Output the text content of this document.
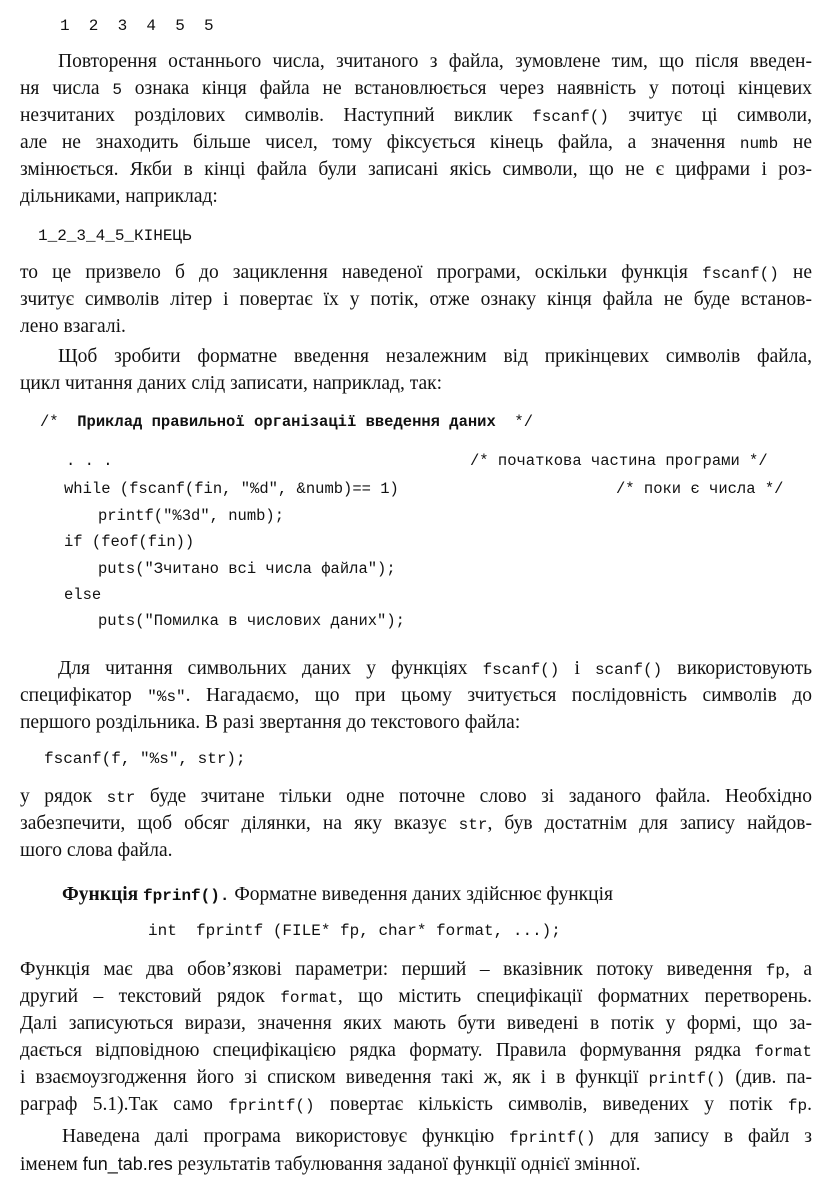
1  2  3  4  5  5
Повторення останнього числа, зчитаного з файла, зумовлене тим, що після введен-
ня числа 5 ознака кінця файла не встановлюється через наявність у потоці кінцевих
незчитаних розділових символів. Наступний виклик fscanf() зчитує ці символи,
але не знаходить більше чисел, тому фіксується кінець файла, а значення numb не
змінюється. Якби в кінці файла були записані якісь символи, що не є цифрами і роз-
дільниками, наприклад:
1_2_3_4_5_КІНЕЦЬ
то це призвело б до зациклення наведеної програми, оскільки функція fscanf() не
зчитує символів літер і повертає їх у потік, отже ознаку кінця файла не буде встанов-
лено взагалі.
Щоб зробити форматне введення незалежним від прикінцевих символів файла,
цикл читання даних слід записати, наприклад, так:
/*  Приклад правильної організації введення даних  */
. . .	/* початкова частина програми */
while (fscanf(fin, "%d", &numb)== 1)	/* поки є числа */
printf("%3d", numb);
if (feof(fin))
puts("Зчитано всі числа файла");
else
puts("Помилка в числових даних");
Для читання символьних даних у функціях fscanf() і scanf() використовують
специфікатор "%s". Нагадаємо, що при цьому зчитується послідовність символів до
першого роздільника. В разі звертання до текстового файла:
fscanf(f, "%s", str);
у рядок str буде зчитане тільки одне поточне слово зі заданого файла. Необхідно
забезпечити, щоб обсяг ділянки, на яку вказує str, був достатнім для запису найдов-
шого слова файла.
Функція fprinf(). Форматне виведення даних здійснює функція
int  fprintf (FILE* fp, char* format, ...);
Функція має два обов’язкові параметри: перший – вказівник потоку виведення fp, а
другий – текстовий рядок format, що містить специфікації форматних перетворень.
Далі записуються вирази, значення яких мають бути виведені в потік у формі, що за-
дається відповідною специфікацією рядка формату. Правила формування рядка format
і взаємоузгодження його зі списком виведення такі ж, як і в функції printf() (див. па-
раграф 5.1).Так само fprintf() повертає кількість символів, виведених у потік fp.
Наведена далі програма використовує функцію fprintf() для запису в файл з
іменем fun_tab.res результатів табулювання заданої функції однієї змінної.
